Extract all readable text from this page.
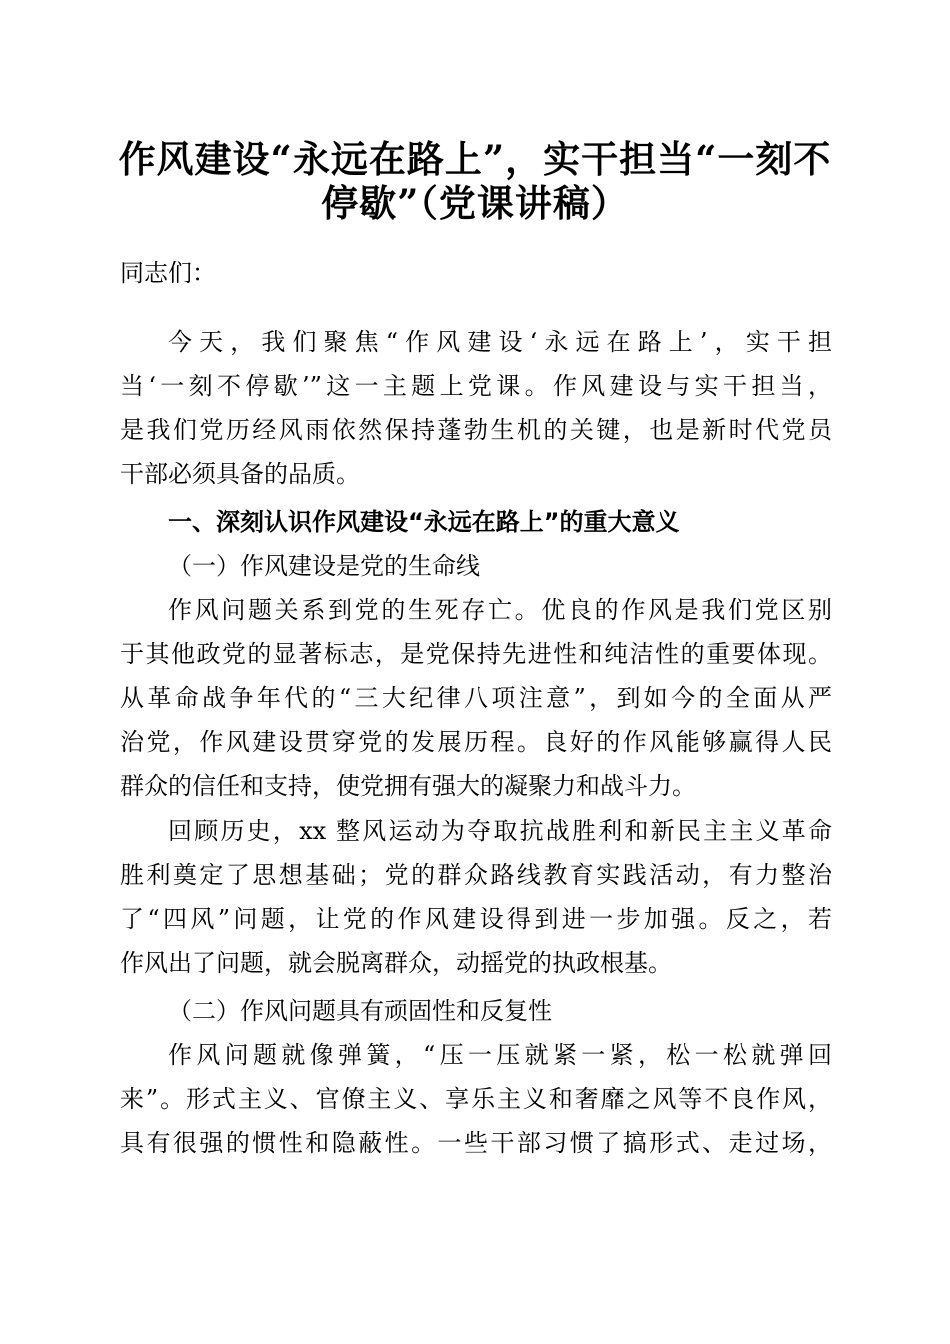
作风建设“永远在路上”，实干担当“一刻不
停歇”（党课讲稿）
同志们：
今天，我们聚焦“作风建设‘永远在路上’，实干担
当‘一刻不停歇’”这一主题上党课。作风建设与实干担当，
是我们党历经风雨依然保持蓬勃生机的关键，也是新时代党员
干部必须具备的品质。
一、深刻认识作风建设“永远在路上”的重大意义
（一）作风建设是党的生命线
作风问题关系到党的生死存亡。优良的作风是我们党区别
于其他政党的显著标志，是党保持先进性和纯洁性的重要体现。
从革命战争年代的“三大纪律八项注意”，到如今的全面从严
治党，作风建设贯穿党的发展历程。良好的作风能够赢得人民
群众的信任和支持，使党拥有强大的凝聚力和战斗力。
回顾历史，xx 整风运动为夺取抗战胜利和新民主主义革命
胜利奠定了思想基础；党的群众路线教育实践活动，有力整治
了“四风”问题，让党的作风建设得到进一步加强。反之，若
作风出了问题，就会脱离群众，动摇党的执政根基。
（二）作风问题具有顽固性和反复性
作风问题就像弹簧，“压一压就紧一紧，松一松就弹回
来”。形式主义、官僚主义、享乐主义和奢靡之风等不良作风，
具有很强的惯性和隐蔽性。一些干部习惯了搞形式、走过场，
